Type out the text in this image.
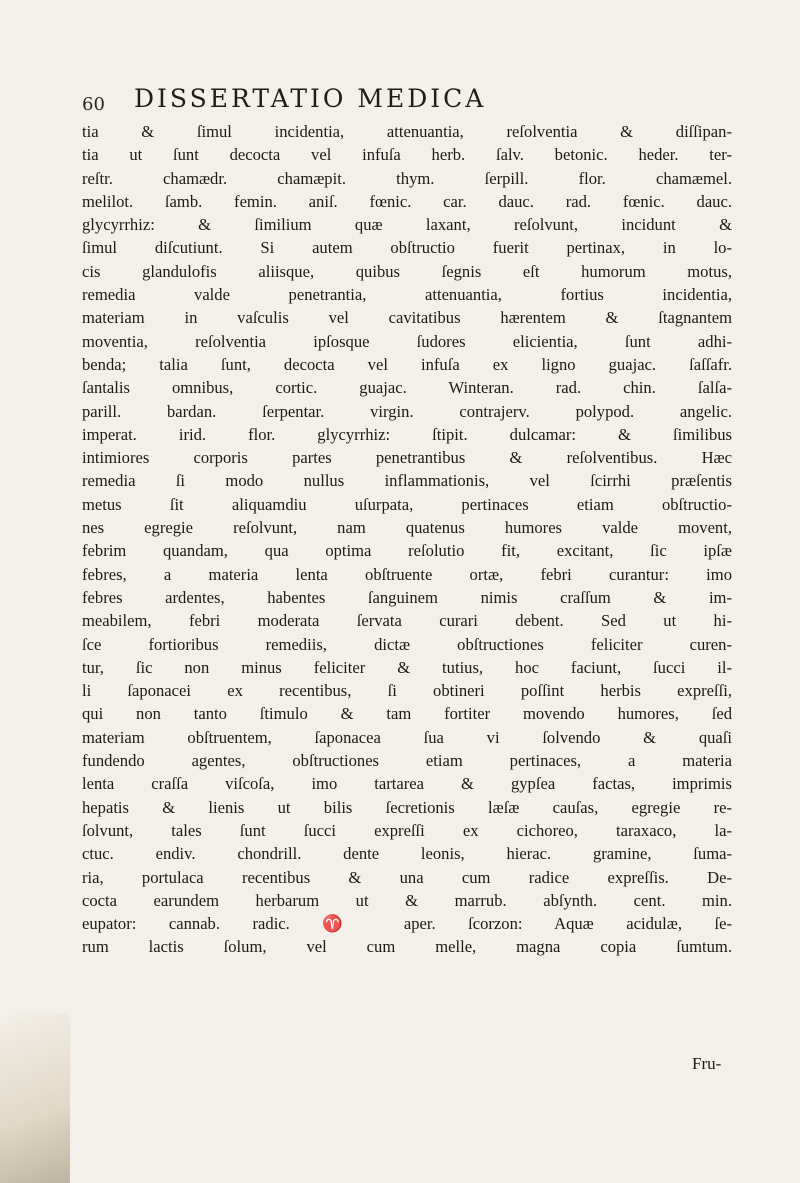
60 DISSERTATIO MEDICA
tia & ſimul incidentia, attenuantia, reſolventia & diſſipan-
tia ut ſunt decocta vel infuſa herb. ſalv. betonic. heder. ter-
reſtr. chamædr. chamæpit. thym. ſerpill. flor. chamæmel.
melilot. ſamb. femin. aniſ. fœnic. car. dauc. rad. fœnic. dauc.
glycyrrhiz: & ſimilium quæ laxant, reſolvunt, incidunt &
ſimul diſcutiunt. Si autem obſtructio fuerit pertinax, in lo-
cis glandulofis aliisque, quibus ſegnis eſt humorum motus,
remedia valde penetrantia, attenuantia, fortius incidentia,
materiam in vaſculis vel cavitatibus hærentem & ſtagnantem
moventia, reſolventia ipſosque ſudores elicientia, ſunt adhi-
benda; talia ſunt, decocta vel infuſa ex ligno guajac. ſaſſafr.
ſantalis omnibus, cortic. guajac. Winteran. rad. chin. ſalſa-
parill. bardan. ſerpentar. virgin. contrajerv. polypod. angelic.
imperat. irid. flor. glycyrrhiz: ſtipit. dulcamar: & ſimilibus
intimiores corporis partes penetrantibus & reſolventibus. Hæc
remedia ſi modo nullus inflammationis, vel ſcirrhi præſentis
metus ſit aliquamdiu uſurpata, pertinaces etiam obſtructio-
nes egregie reſolvunt, nam quatenus humores valde movent,
febrim quandam, qua optima reſolutio fit, excitant, ſic ipſæ
febres, a materia lenta obſtruente ortæ, febri curantur: imo
febres ardentes, habentes ſanguinem nimis craſſum & im-
meabilem, febri moderata ſervata curari debent. Sed ut hi-
ſce fortioribus remediis, dictæ obſtructiones feliciter curen-
tur, ſic non minus feliciter & tutius, hoc faciunt, ſucci il-
li ſaponacei ex recentibus, ſi obtineri poſſint herbis expreſſi,
qui non tanto ſtimulo & tam fortiter movendo humores, ſed
materiam obſtruentem, ſaponacea ſua vi ſolvendo & quaſi
fundendo agentes, obſtructiones etiam pertinaces, a materia
lenta craſſa viſcoſa, imo tartarea & gypſea factas, imprimis
hepatis & lienis ut bilis ſecretionis læſæ cauſas, egregie re-
ſolvunt, tales ſunt ſucci expreſſi ex cichoreo, taraxaco, la-
ctuc. endiv. chondrill. dente leonis, hierac. gramine, ſuma-
ria, portulaca recentibus & una cum radice expreſſis. De-
cocta earundem herbarum ut & marrub. abſynth. cent. min.
eupator: cannab. radic. ♈ aper. ſcorzon: Aquæ acidulæ, ſe-
rum lactis ſolum, vel cum melle, magna copia ſumtum.
Fru-
